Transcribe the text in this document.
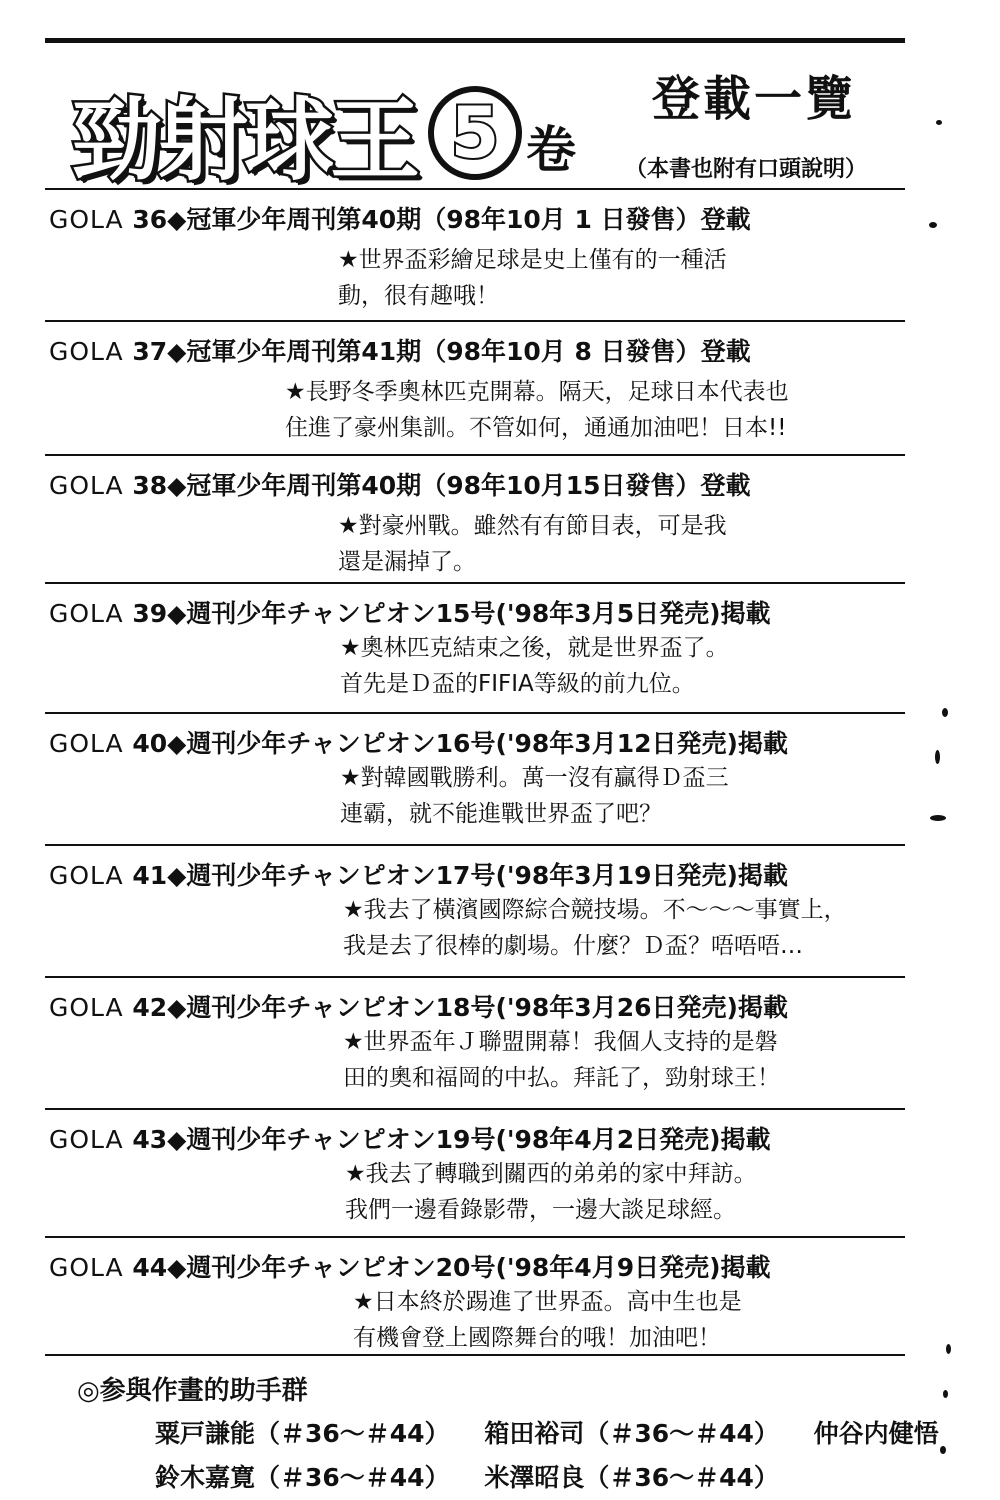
勁射球王 5 卷
登載一覽
（本書也附有口頭說明）
GOLA 36◆冠軍少年周刊第40期（98年10月 1 日發售）登載
★世界盃彩繪足球是史上僅有的一種活
動，很有趣哦！
GOLA 37◆冠軍少年周刊第41期（98年10月 8 日發售）登載
★長野冬季奧林匹克開幕。隔天，足球日本代表也
住進了豪州集訓。不管如何，通通加油吧！日本!!
GOLA 38◆冠軍少年周刊第40期（98年10月15日發售）登載
★對豪州戰。雖然有有節目表，可是我
還是漏掉了。
GOLA 39◆週刊少年チャンピオン15号('98年3月5日発売)掲載
★奧林匹克結束之後，就是世界盃了。
首先是Ｄ盃的FIFIA等級的前九位。
GOLA 40◆週刊少年チャンピオン16号('98年3月12日発売)掲載
★對韓國戰勝利。萬一沒有贏得Ｄ盃三
連霸，就不能進戰世界盃了吧？
GOLA 41◆週刊少年チャンピオン17号('98年3月19日発売)掲載
★我去了橫濱國際綜合競技場。不〜〜〜事實上，
我是去了很棒的劇場。什麼？Ｄ盃？唔唔唔…
GOLA 42◆週刊少年チャンピオン18号('98年3月26日発売)掲載
★世界盃年Ｊ聯盟開幕！我個人支持的是磐
田的奧和福岡的中払。拜託了，勁射球王！
GOLA 43◆週刊少年チャンピオン19号('98年4月2日発売)掲載
★我去了轉職到關西的弟弟的家中拜訪。
我們一邊看錄影帶，一邊大談足球經。
GOLA 44◆週刊少年チャンピオン20号('98年4月9日発売)掲載
★日本終於踢進了世界盃。高中生也是
有機會登上國際舞台的哦！加油吧！
◎参與作畫的助手群
粟戸謙能（＃36〜＃44） 箱田裕司（＃36〜＃44） 仲谷内健悟
鈴木嘉寛（＃36〜＃44） 米澤昭良（＃36〜＃44）
